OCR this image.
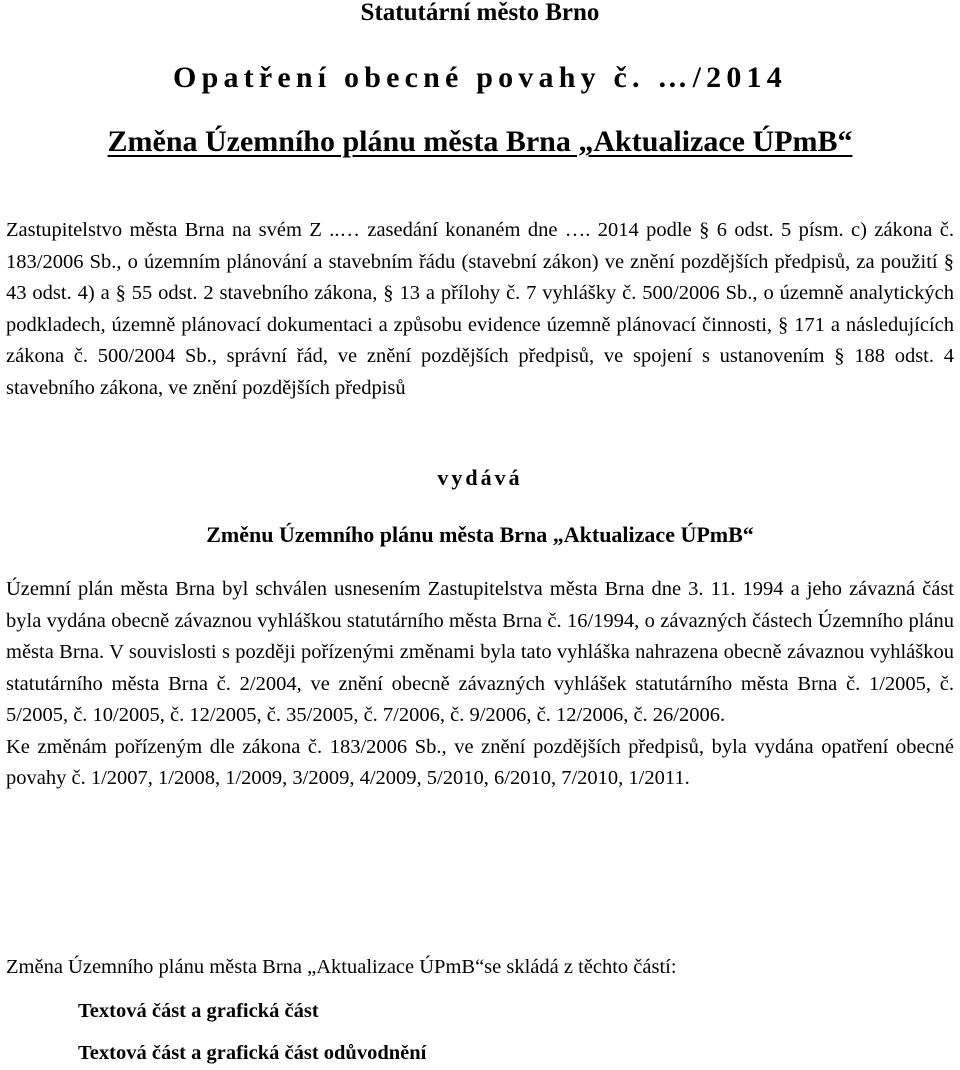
Statutární město Brno
Opatření obecné povahy č. …/2014
Změna Územního plánu města Brna „Aktualizace ÚPmB“
Zastupitelstvo města Brna na svém Z ..… zasedání konaném dne …. 2014 podle § 6 odst. 5 písm. c) zákona č. 183/2006 Sb., o územním plánování a stavebním řádu (stavební zákon) ve znění pozdějších předpisů, za použití § 43 odst. 4) a § 55 odst. 2 stavebního zákona, § 13 a přílohy č. 7 vyhlášky č. 500/2006 Sb., o územně analytických podkladech, územně plánovací dokumentaci a způsobu evidence územně plánovací činnosti, § 171 a následujících zákona č. 500/2004 Sb., správní řád, ve znění pozdějších předpisů, ve spojení s ustanovením § 188 odst. 4 stavebního zákona, ve znění pozdějších předpisů
vydává
Změnu Územního plánu města Brna „Aktualizace ÚPmB“
Územní plán města Brna byl schválen usnesením Zastupitelstva města Brna dne 3. 11. 1994 a jeho závazná část byla vydána obecně závaznou vyhláškou statutárního města Brna č. 16/1994, o závazných částech Územního plánu města Brna. V souvislosti s později pořízenými změnami byla tato vyhláška nahrazena obecně závaznou vyhláškou statutárního města Brna č. 2/2004, ve znění obecně závazných vyhlášek statutárního města Brna č. 1/2005, č. 5/2005, č. 10/2005, č. 12/2005, č. 35/2005, č. 7/2006, č. 9/2006, č. 12/2006, č. 26/2006.
Ke změnám pořízeným dle zákona č. 183/2006 Sb., ve znění pozdějších předpisů, byla vydána opatření obecné povahy č. 1/2007, 1/2008, 1/2009, 3/2009, 4/2009, 5/2010, 6/2010, 7/2010, 1/2011.
Změna Územního plánu města Brna „Aktualizace ÚPmB“se skládá z těchto částí:
Textová část a grafická část
Textová část a grafická část odůvodnění
